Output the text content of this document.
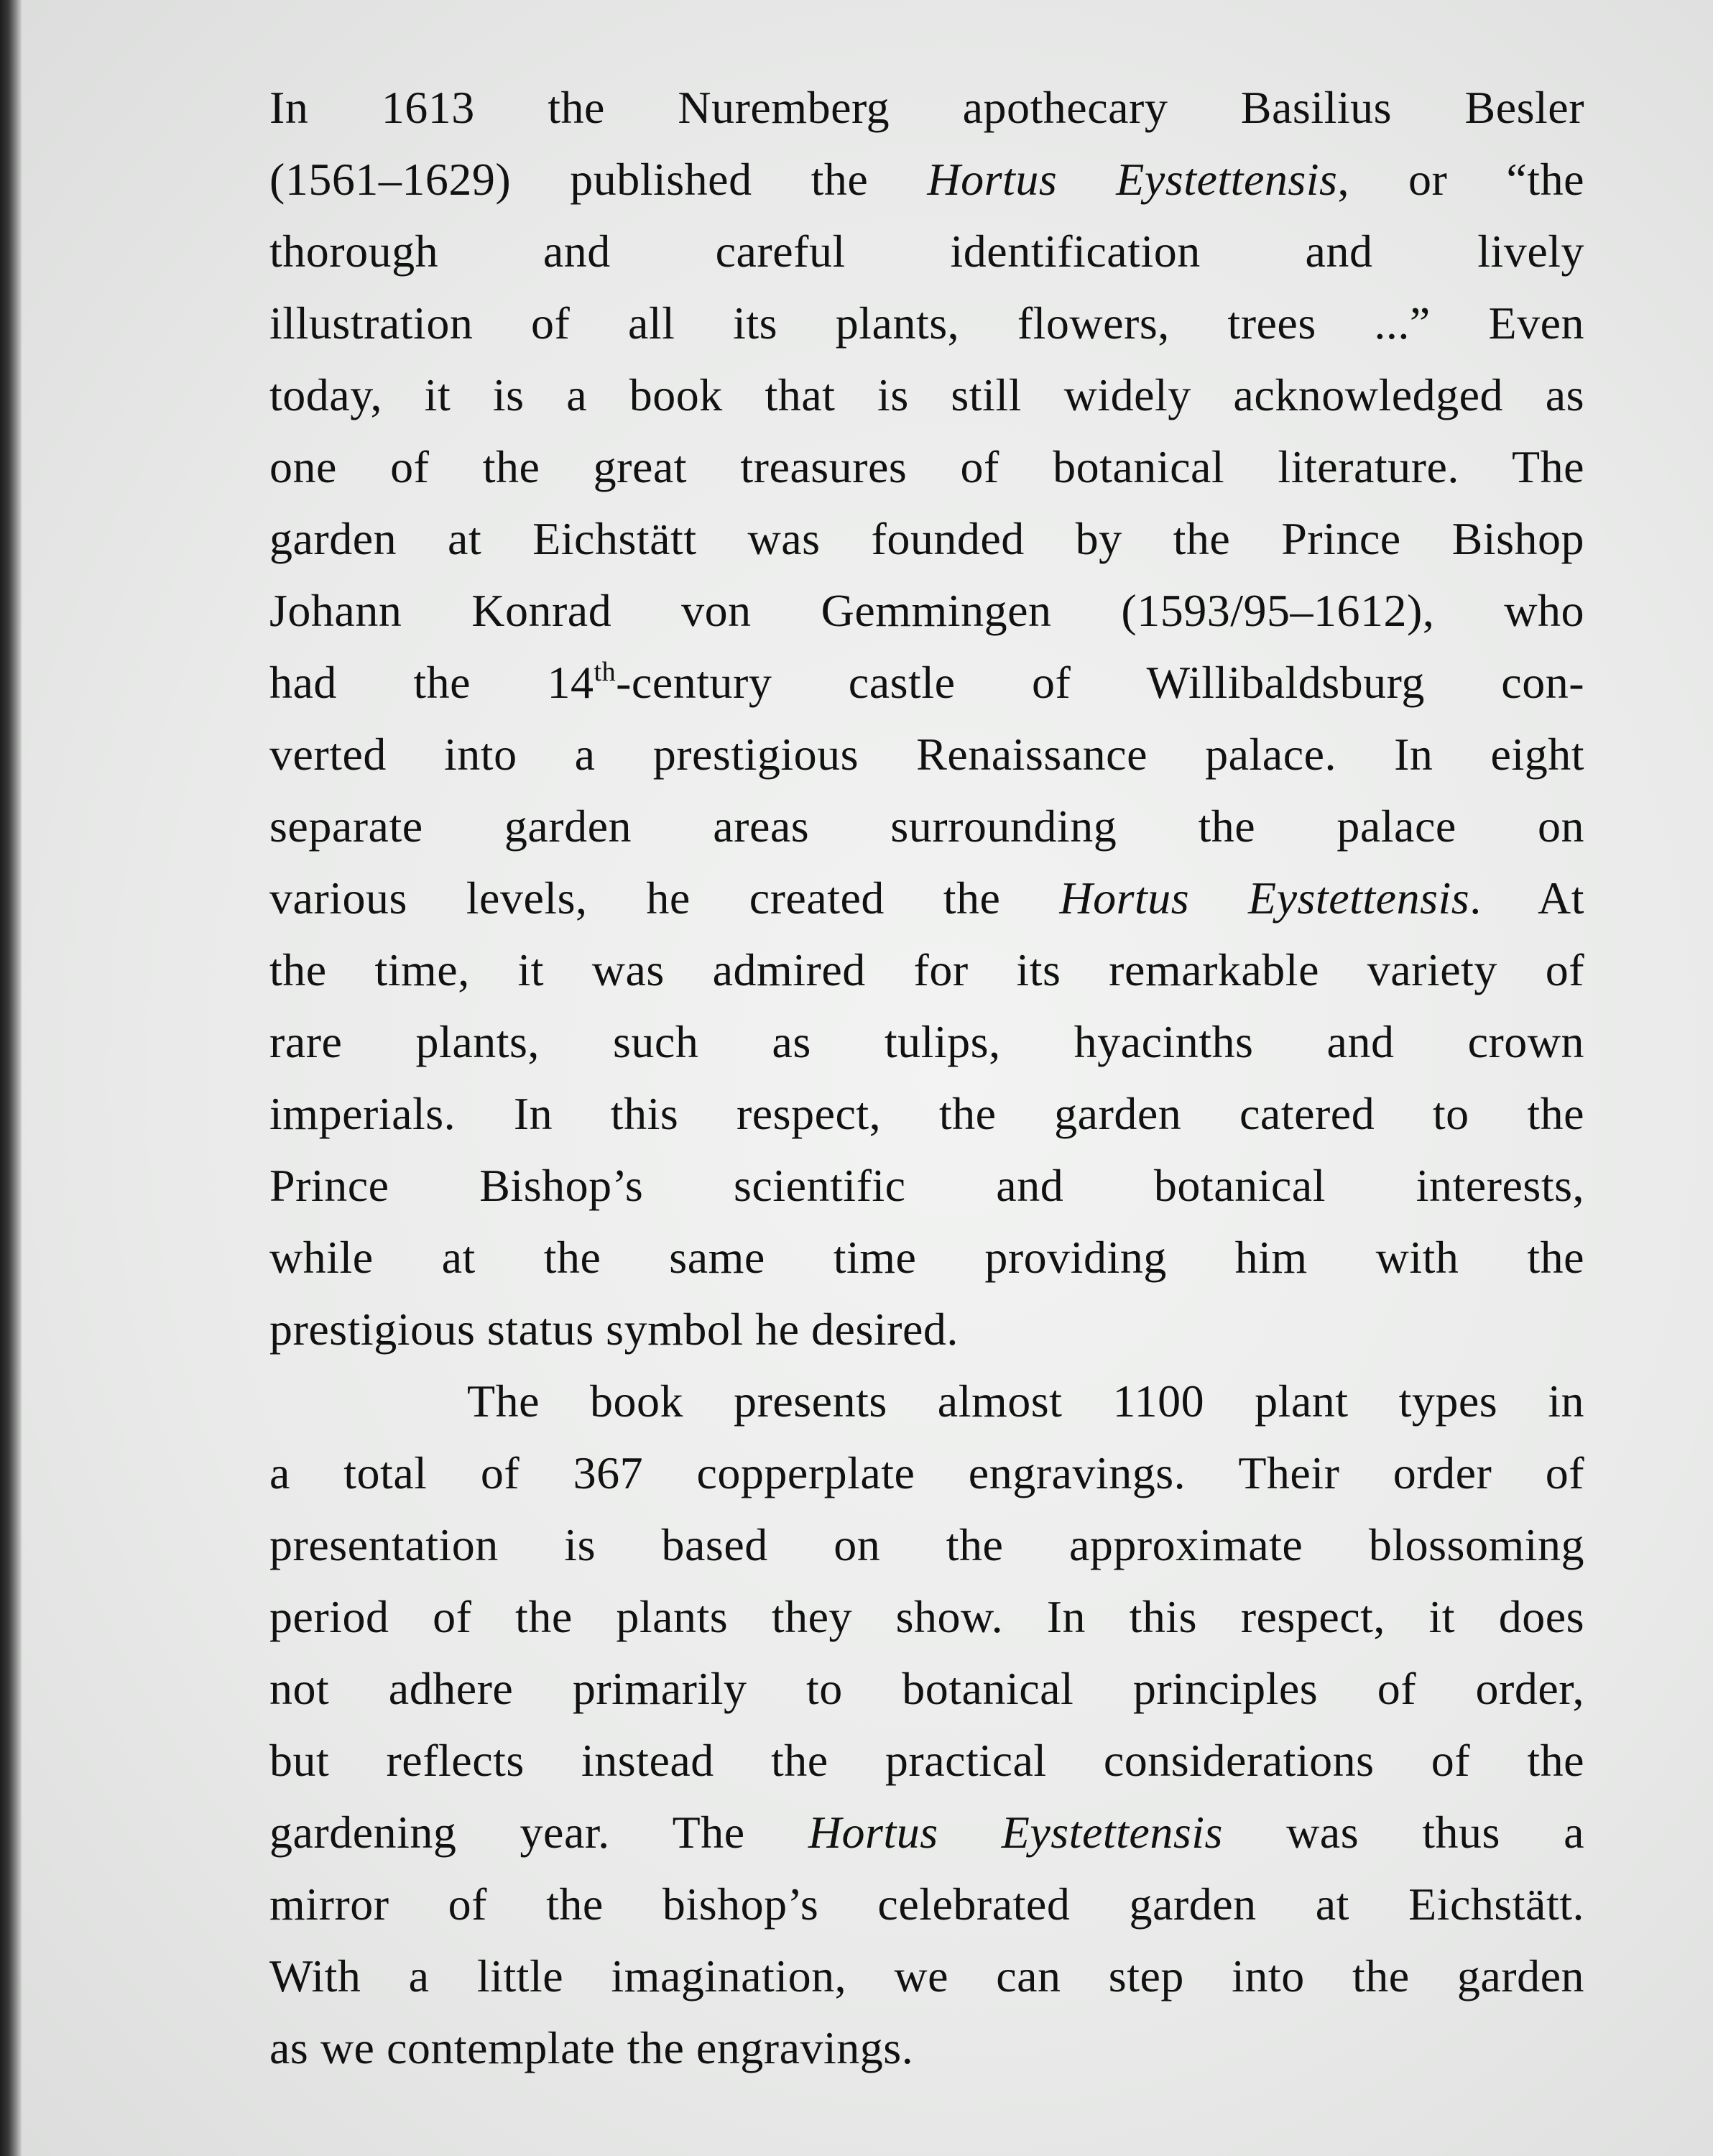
In 1613 the Nuremberg apothecary Basilius Besler
(1561–1629) published the Hortus Eystettensis, or “the
thorough and careful identification and lively
illustration of all its plants, flowers, trees ...” Even
today, it is a book that is still widely acknowledged as
one of the great treasures of botanical literature. The
garden at Eichstätt was founded by the Prince Bishop
Johann Konrad von Gemmingen (1593/95–1612), who
had the 14th-century castle of Willibaldsburg con-
verted into a prestigious Renaissance palace. In eight
separate garden areas surrounding the palace on
various levels, he created the Hortus Eystettensis. At
the time, it was admired for its remarkable variety of
rare plants, such as tulips, hyacinths and crown
imperials. In this respect, the garden catered to the
Prince Bishop’s scientific and botanical interests,
while at the same time providing him with the
prestigious status symbol he desired.
The book presents almost 1100 plant types in
a total of 367 copperplate engravings. Their order of
presentation is based on the approximate blossoming
period of the plants they show. In this respect, it does
not adhere primarily to botanical principles of order,
but reflects instead the practical considerations of the
gardening year. The Hortus Eystettensis was thus a
mirror of the bishop’s celebrated garden at Eichstätt.
With a little imagination, we can step into the garden
as we contemplate the engravings.
